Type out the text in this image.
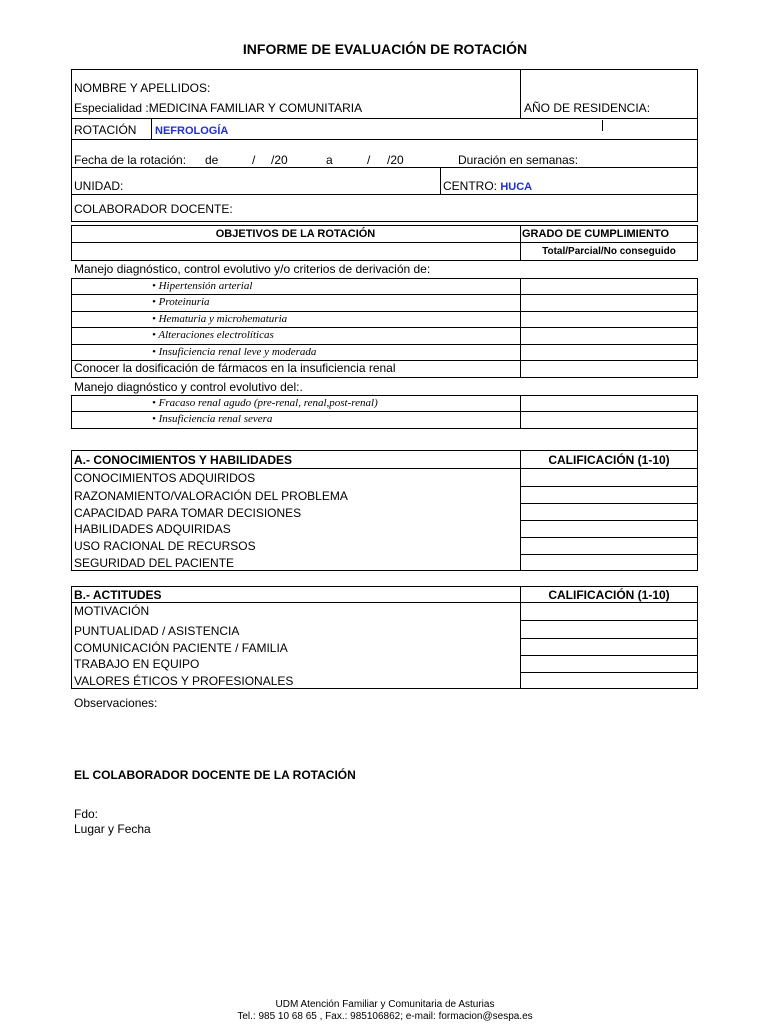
INFORME DE EVALUACIÓN DE ROTACIÓN
NOMBRE Y APELLIDOS:
Especialidad :MEDICINA FAMILIAR Y COMUNITARIA	AÑO DE RESIDENCIA:
ROTACIÓN NEFROLOGÍA
Fecha de la rotación: de	/ /20	a	/ /20	Duración en semanas:
UNIDAD:	CENTRO: HUCA
COLABORADOR DOCENTE:
OBJETIVOS DE LA ROTACIÓN	GRADO DE CUMPLIMIENTO
Total/Parcial/No conseguido
Manejo diagnóstico, control evolutivo y/o criterios de derivación de:
• Hipertensión arterial
• Proteinuria
• Hematuria y microhematuria
• Alteraciones electrolíticas
• Insuficiencia renal leve y moderada
Conocer la dosificación de fármacos en la insuficiencia renal
Manejo diagnóstico y control evolutivo del:.
• Fracaso renal agudo (pre-renal, renal,post-renal)
• Insuficiencia renal severa
A.- CONOCIMIENTOS Y HABILIDADES	CALIFICACIÓN (1-10)
CONOCIMIENTOS ADQUIRIDOS
RAZONAMIENTO/VALORACIÓN DEL PROBLEMA
CAPACIDAD PARA TOMAR DECISIONES
HABILIDADES ADQUIRIDAS
USO RACIONAL DE RECURSOS
SEGURIDAD DEL PACIENTE
B.- ACTITUDES	CALIFICACIÓN (1-10)
MOTIVACIÓN
PUNTUALIDAD / ASISTENCIA
COMUNICACIÓN PACIENTE / FAMILIA
TRABAJO EN EQUIPO
VALORES ÉTICOS Y PROFESIONALES
Observaciones:
EL COLABORADOR DOCENTE DE LA ROTACIÓN
Fdo:
Lugar y Fecha
UDM Atención Familiar y Comunitaria de Asturias
Tel.: 985 10 68 65 , Fax.: 985106862; e-mail: formacion@sespa.es
